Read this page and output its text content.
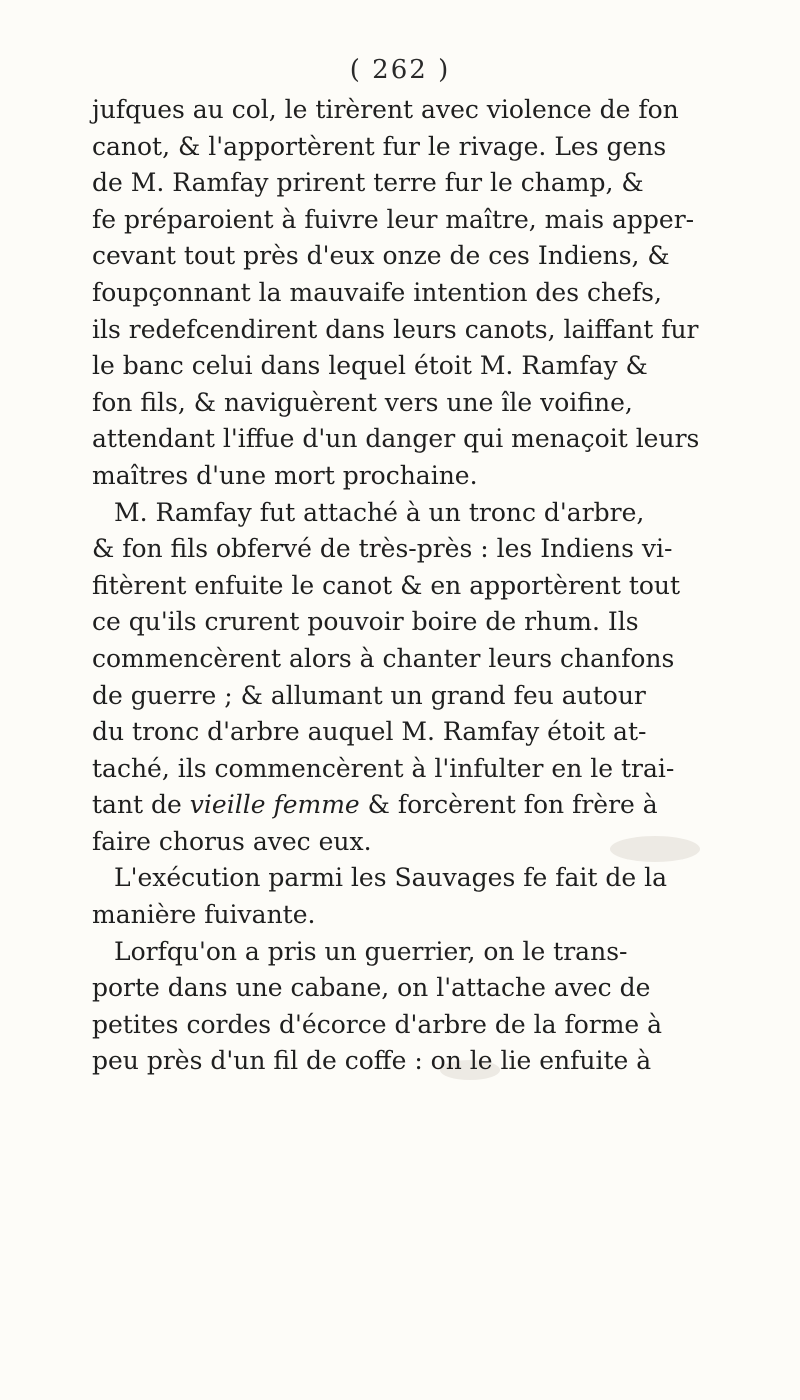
( 262 )
jufques au col, le tirèrent avec violence de fon
canot, & l'apportèrent fur le rivage. Les gens
de M. Ramfay prirent terre fur le champ, &
fe préparoient à fuivre leur maître, mais apper-
cevant tout près d'eux onze de ces Indiens, &
foupçonnant la mauvaife intention des chefs,
ils redefcendirent dans leurs canots, laiffant fur
le banc celui dans lequel étoit M. Ramfay &
fon fils, & naviguèrent vers une île voifine,
attendant l'iffue d'un danger qui menaçoit leurs
maîtres d'une mort prochaine.
M. Ramfay fut attaché à un tronc d'arbre,
& fon fils obfervé de très-près : les Indiens vi-
fitèrent enfuite le canot & en apportèrent tout
ce qu'ils crurent pouvoir boire de rhum. Ils
commencèrent alors à chanter leurs chanfons
de guerre ; & allumant un grand feu autour
du tronc d'arbre auquel M. Ramfay étoit at-
taché, ils commencèrent à l'infulter en le trai-
tant de vieille femme & forcèrent fon frère à
faire chorus avec eux.
L'exécution parmi les Sauvages fe fait de la
manière fuivante.
Lorfqu'on a pris un guerrier, on le trans-
porte dans une cabane, on l'attache avec de
petites cordes d'écorce d'arbre de la forme à
peu près d'un fil de coffe : on le lie enfuite à
